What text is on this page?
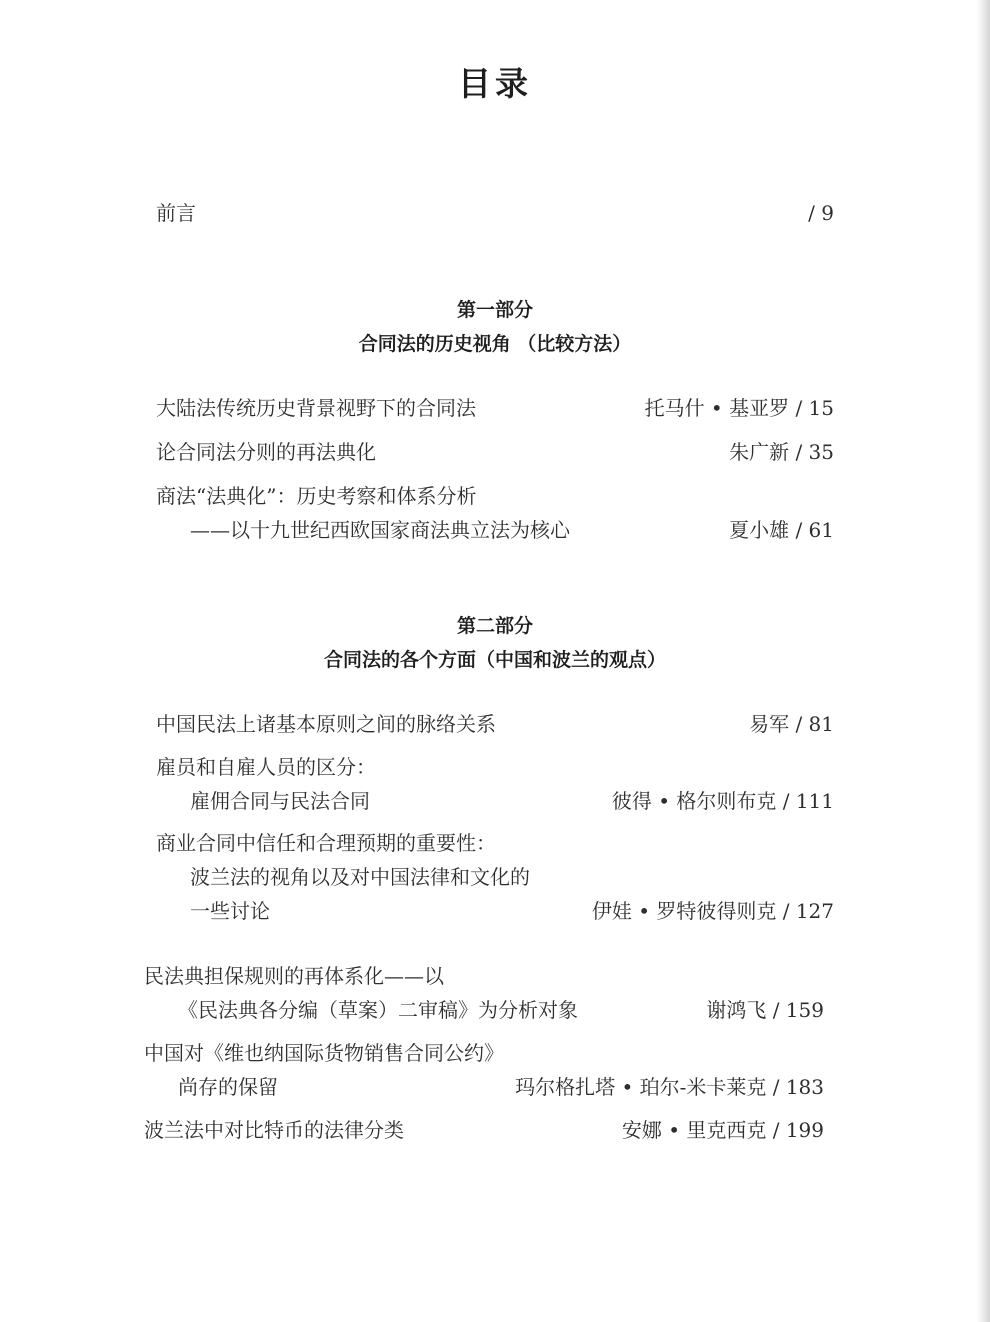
目录
前言	/ 9
第一部分
合同法的历史视角 （比较方法）
大陆法传统历史背景视野下的合同法	托马什 • 基亚罗 / 15
论合同法分则的再法典化	朱广新 / 35
商法“法典化”：历史考察和体系分析
——以十九世纪西欧国家商法典立法为核心	夏小雄 / 61
第二部分
合同法的各个方面（中国和波兰的观点）
中国民法上诸基本原则之间的脉络关系	易军 / 81
雇员和自雇人员的区分：
雇佣合同与民法合同	彼得 • 格尔则布克 / 111
商业合同中信任和合理预期的重要性：
波兰法的视角以及对中国法律和文化的
一些讨论	伊娃 • 罗特彼得则克 / 127
民法典担保规则的再体系化——以
《民法典各分编（草案）二审稿》为分析对象	谢鸿飞 / 159
中国对《维也纳国际货物销售合同公约》
尚存的保留	玛尔格扎塔 • 珀尔-米卡莱克 / 183
波兰法中对比特币的法律分类	安娜 • 里克西克 / 199
